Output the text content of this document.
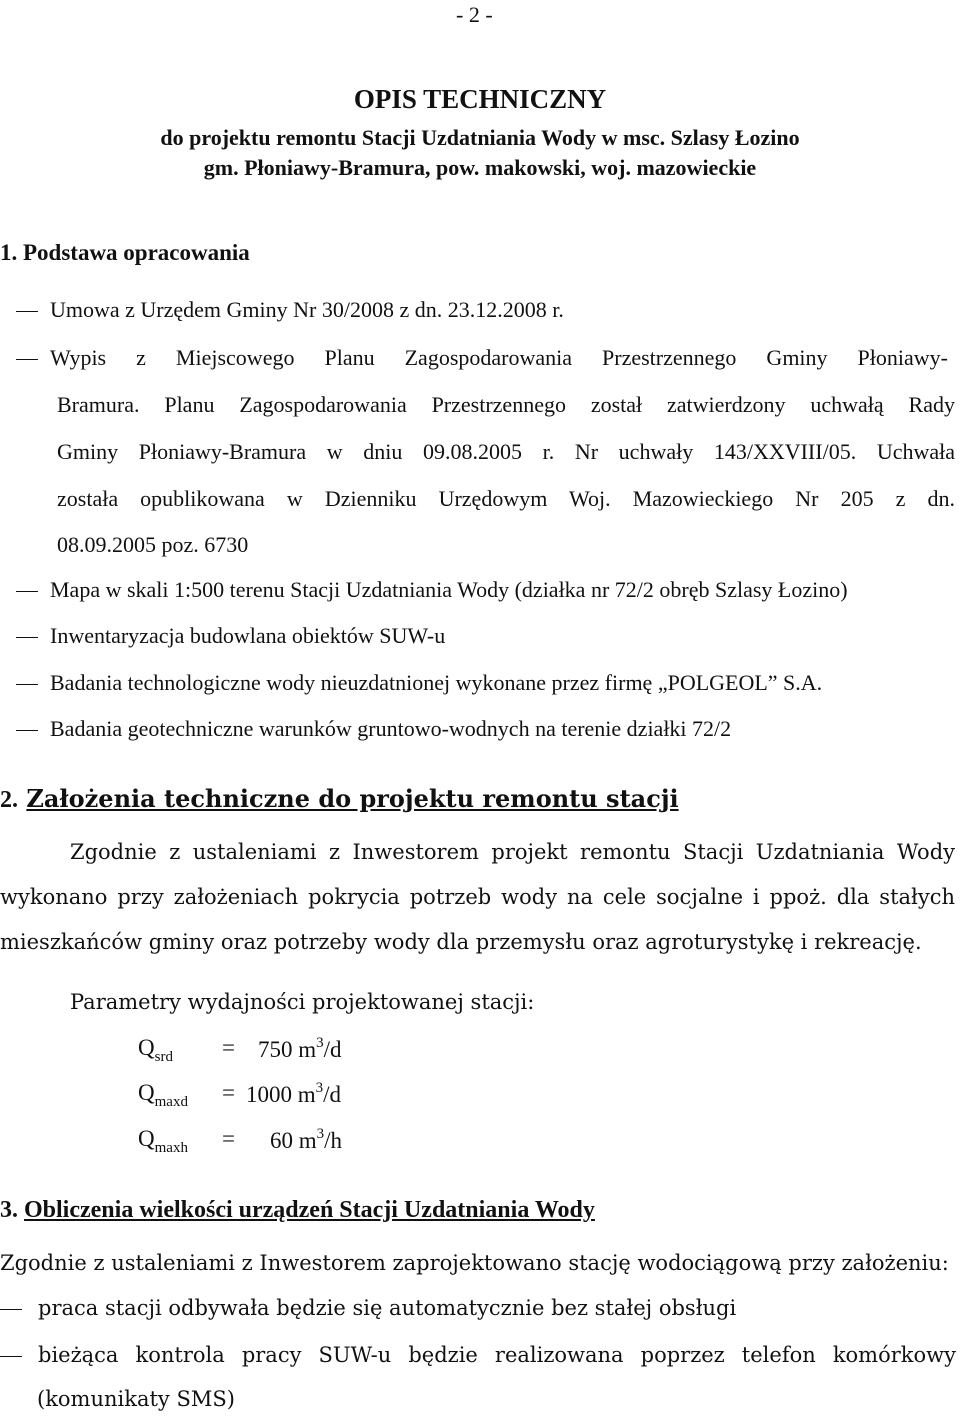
- 2 -
OPIS TECHNICZNY
do projektu remontu Stacji Uzdatniania Wody w msc. Szlasy Łozino
gm. Płoniawy-Bramura, pow. makowski, woj. mazowieckie
1. Podstawa opracowania
Umowa z Urzędem Gminy Nr 30/2008 z dn. 23.12.2008 r.
Wypis z Miejscowego Planu Zagospodarowania Przestrzennego Gminy Płoniawy-
Bramura. Planu Zagospodarowania Przestrzennego został zatwierdzony uchwałą Rady
Gminy Płoniawy-Bramura w dniu 09.08.2005 r. Nr uchwały 143/XXVIII/05. Uchwała
została opublikowana w Dzienniku Urzędowym Woj. Mazowieckiego Nr 205 z dn.
08.09.2005 poz. 6730
Mapa w skali 1:500 terenu Stacji Uzdatniania Wody (działka nr 72/2 obręb Szlasy Łozino)
Inwentaryzacja budowlana obiektów SUW-u
Badania technologiczne wody nieuzdatnionej wykonane przez firmę „POLGEOL” S.A.
Badania geotechniczne warunków gruntowo-wodnych na terenie działki 72/2
2. Założenia techniczne do projektu remontu stacji
Zgodnie z ustaleniami z Inwestorem projekt remontu Stacji Uzdatniania Wody
wykonano przy założeniach pokrycia potrzeb wody na cele socjalne i ppoż. dla stałych
mieszkańców gminy oraz potrzeby wody dla przemysłu oraz agroturystykę i rekreację.
Parametry wydajności projektowanej stacji:
$Q_{srd} = 750$ $m^3/d$
$Q_{maxd} = 1000$ $m^3/d$
$Q_{maxh} = 60$ $m^3/h$
3. Obliczenia wielkości urządzeń Stacji Uzdatniania Wody
Zgodnie z ustaleniami z Inwestorem zaprojektowano stację wodociągową przy założeniu:
praca stacji odbywała będzie się automatycznie bez stałej obsługi
bieżąca kontrola pracy SUW-u będzie realizowana poprzez telefon komórkowy
(komunikaty SMS)
